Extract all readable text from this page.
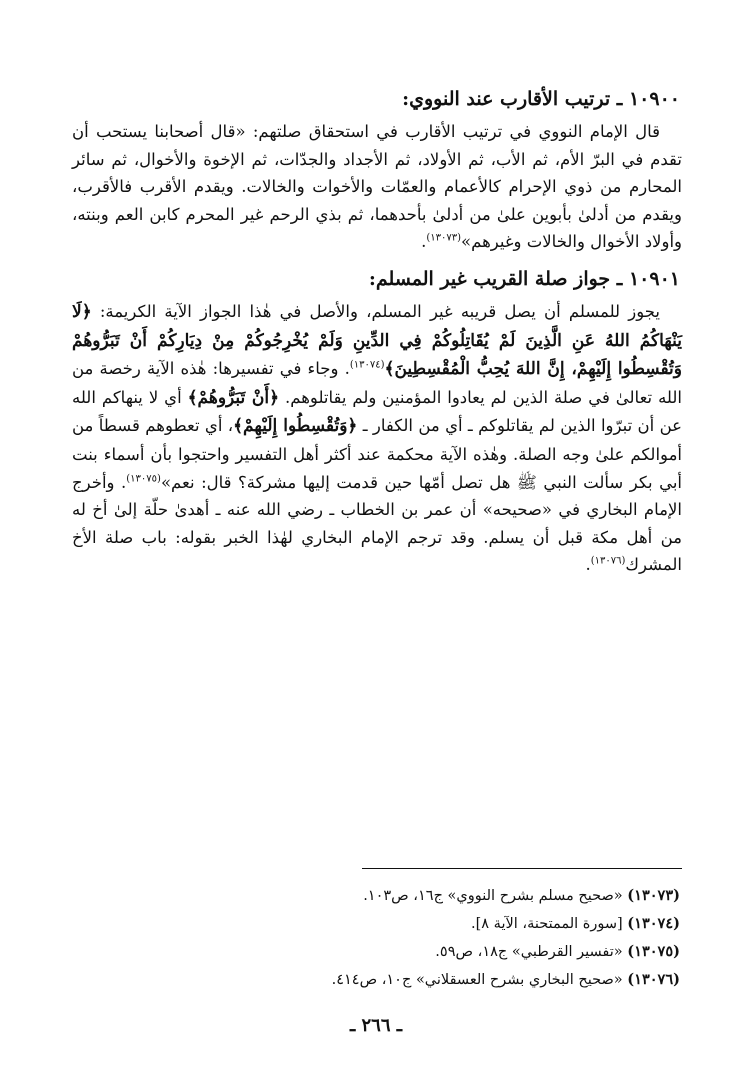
١٠٩٠٠ ـ ترتيب الأقارب عند النووي:

قال الإمام النووي في ترتيب الأقارب في استحقاق صلتهم: «قال أصحابنا يستحب أن تقدم في البرّ الأم، ثم الأب، ثم الأولاد، ثم الأجداد والجدّات، ثم الإخوة والأخوال، ثم سائر المحارم من ذوي الإحرام كالأعمام والعمّات والأخوات والخالات. ويقدم الأقرب فالأقرب، ويقدم من أدلىٰ بأبوين علىٰ من أدلىٰ بأحدهما، ثم بذي الرحم غير المحرم كابن العم وبنته، وأولاد الأخوال والخالات وغيرهم»$^{(١٣٠٧٣)}$.

١٠٩٠١ ـ جواز صلة القريب غير المسلم:

يجوز للمسلم أن يصل قريبه غير المسلم، والأصل في هٰذا الجواز الآية الكريمة: ﴿لَا يَنْهَاكُمُ اللهُ عَنِ الَّذِينَ لَمْ يُقَاتِلُوكُمْ فِي الدِّينِ وَلَمْ يُخْرِجُوكُمْ مِنْ دِيَارِكُمْ أَنْ تَبَرُّوهُمْ وَتُقْسِطُوا إِلَيْهِمْ، إِنَّ اللهَ يُحِبُّ الْمُقْسِطِينَ﴾$^{(١٣٠٧٤)}$. وجاء في تفسيرها: هٰذه الآية رخصة من الله تعالىٰ في صلة الذين لم يعادوا المؤمنين ولم يقاتلوهم. ﴿أَنْ تَبَرُّوهُمْ﴾ أي لا ينهاكم الله عن أن تبرّوا الذين لم يقاتلوكم ـ أي من الكفار ـ ﴿وَتُقْسِطُوا إِلَيْهِمْ﴾، أي تعطوهم قسطاً من أموالكم علىٰ وجه الصلة. وهٰذه الآية محكمة عند أكثر أهل التفسير واحتجوا بأن أسماء بنت أبي بكر سألت النبي ﷺ هل تصل أمّها حين قدمت إليها مشركة؟ قال: نعم»$^{(١٣٠٧٥)}$. وأخرج الإمام البخاري في «صحيحه» أن عمر بن الخطاب ـ رضي الله عنه ـ أهدىٰ حلّة إلىٰ أخ له من أهل مكة قبل أن يسلم. وقد ترجم الإمام البخاري لهٰذا الخبر بقوله: باب صلة الأخ المشرك$^{(١٣٠٧٦)}$.

(١٣٠٧٣) «صحيح مسلم بشرح النووي» ج١٦، ص١٠٣.
(١٣٠٧٤) [سورة الممتحنة، الآية ٨].
(١٣٠٧٥) «تفسير القرطبي» ج١٨، ص٥٩.
(١٣٠٧٦) «صحيح البخاري بشرح العسقلاني» ج١٠، ص٤١٤.
ـ ٢٦٦ ـ
